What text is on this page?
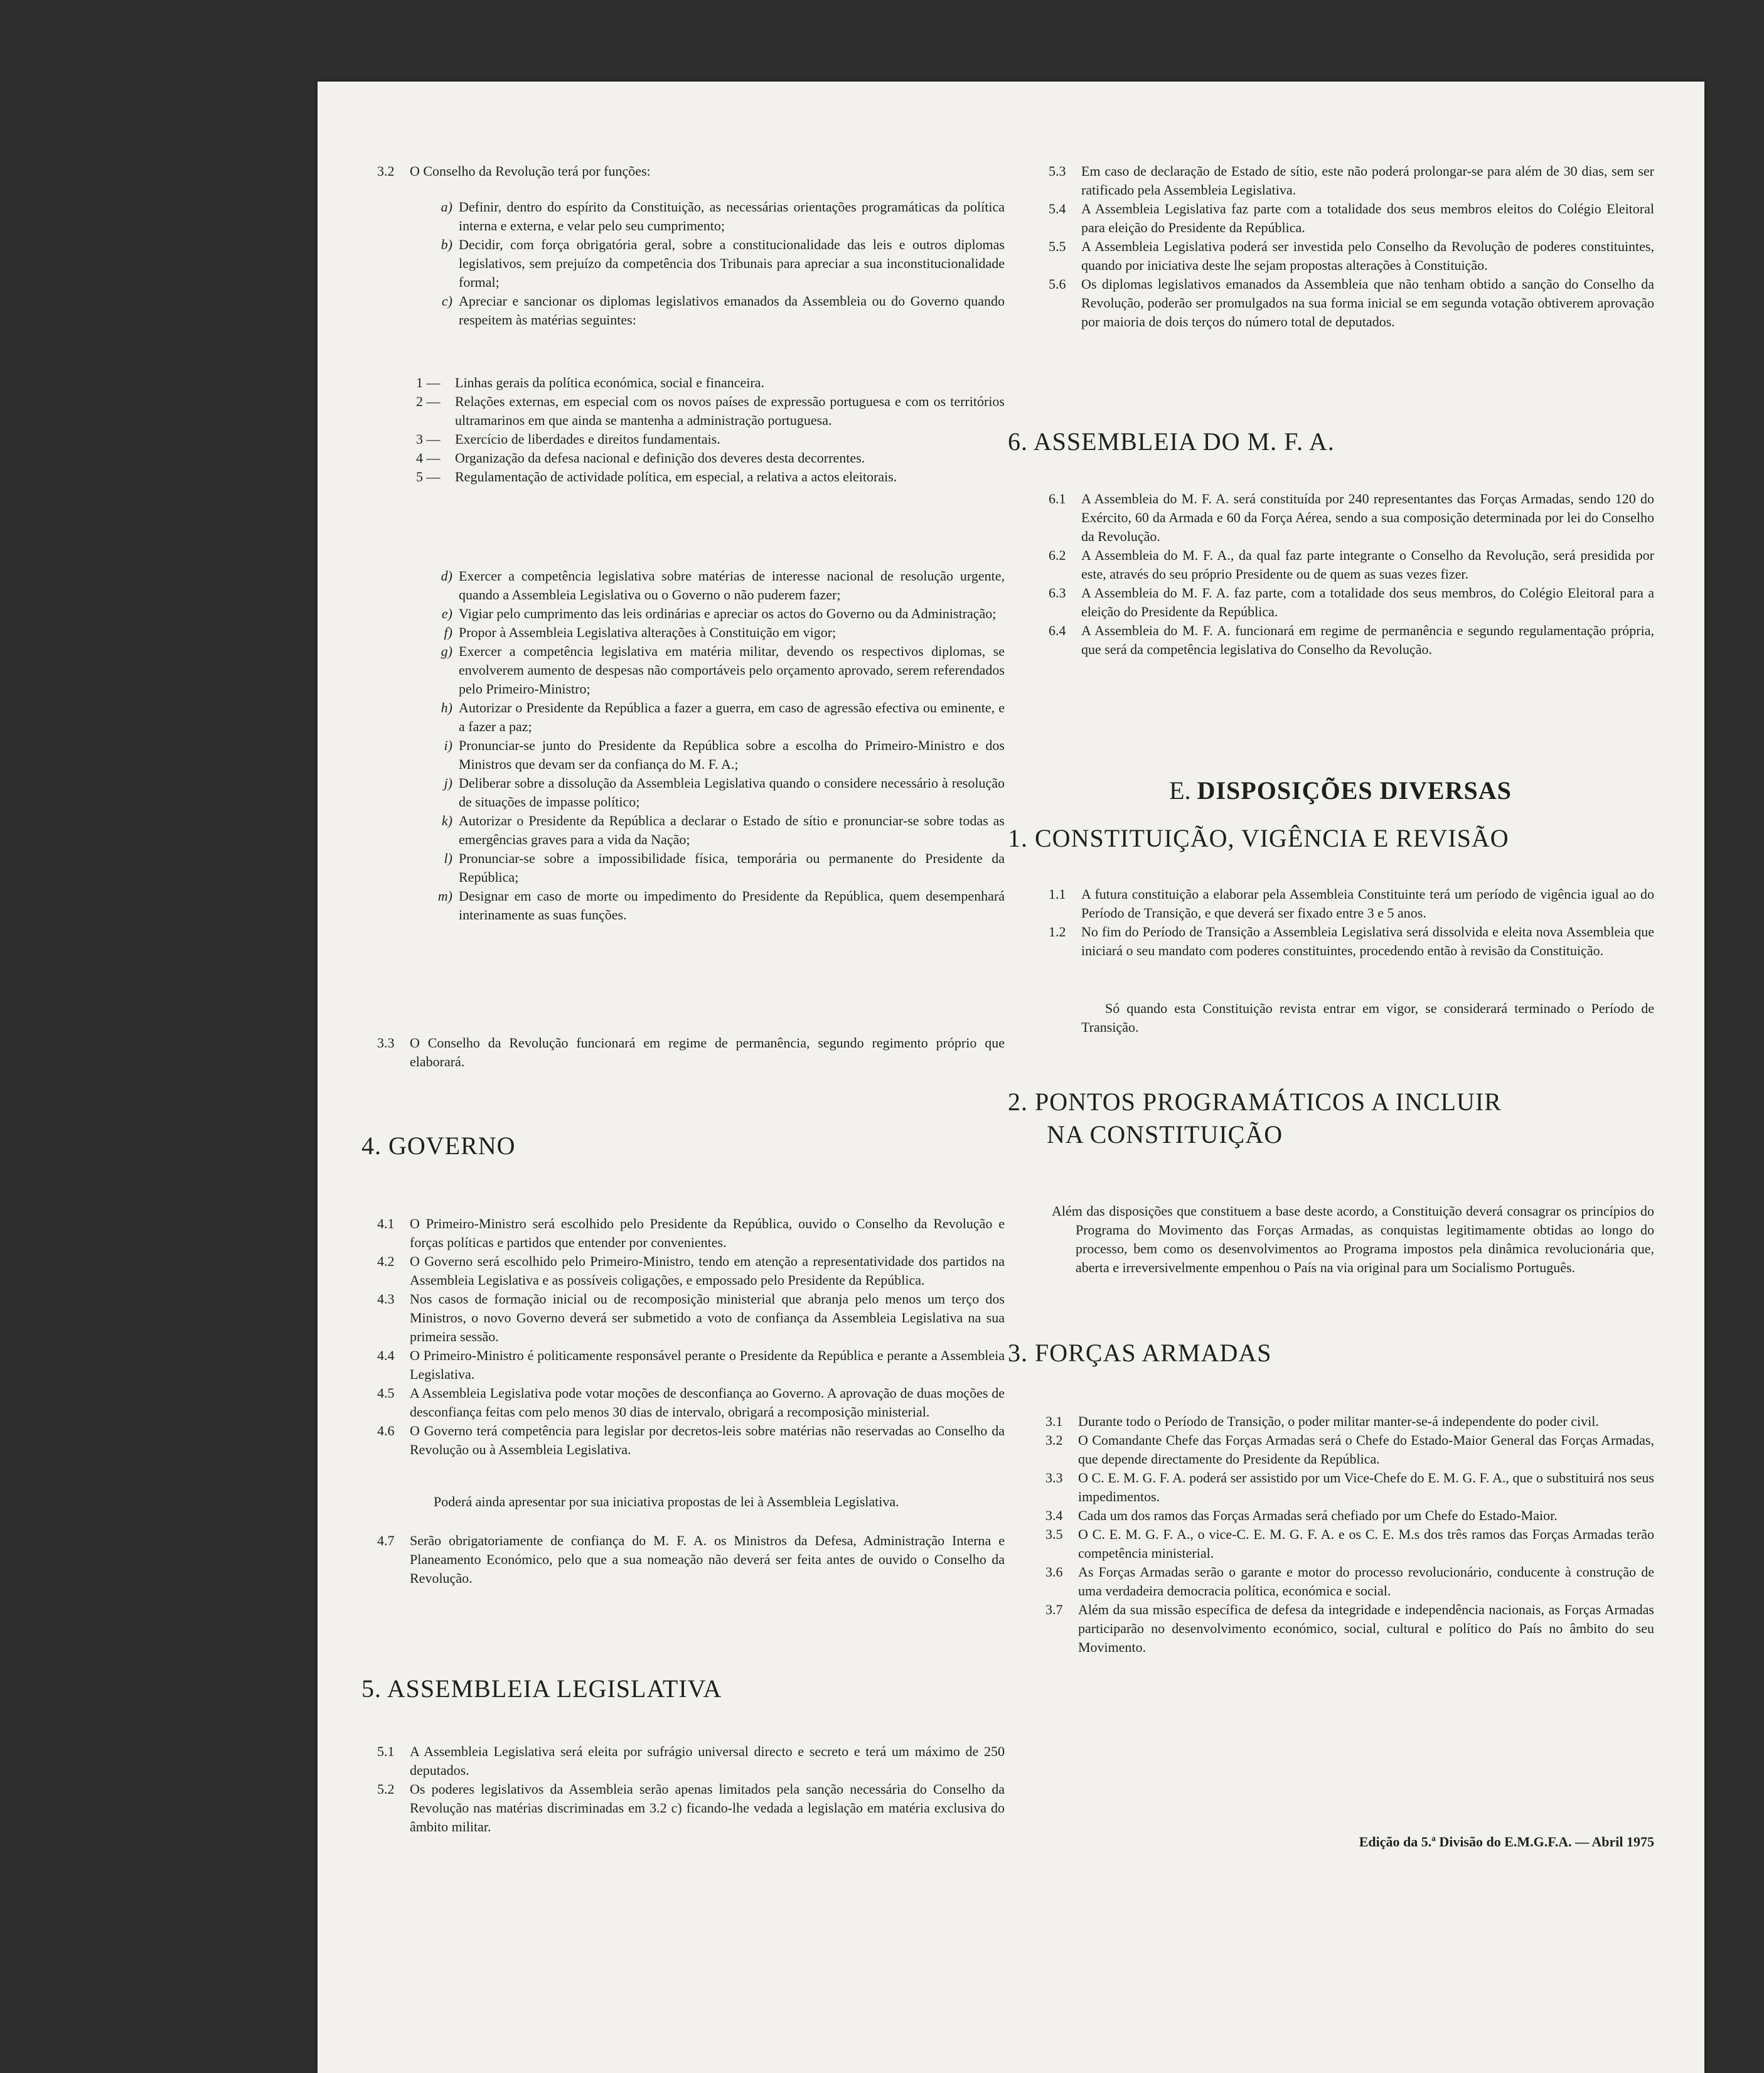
3.2	O Conselho da Revolução terá por funções:
a) Definir, dentro do espírito da Constituição, as necessárias orientações programáticas da política interna e externa, e velar pelo seu cumprimento;
b) Decidir, com força obrigatória geral, sobre a constitucionalidade das leis e outros diplomas legislativos, sem prejuízo da competência dos Tribunais para apreciar a sua inconstitucionalidade formal;
c) Apreciar e sancionar os diplomas legislativos emanados da Assembleia ou do Governo quando respeitem às matérias seguintes:
1 —	Linhas gerais da política económica, social e financeira.
2 —	Relações externas, em especial com os novos países de expressão portuguesa e com os territórios ultramarinos em que ainda se mantenha a administração portuguesa.
3 —	Exercício de liberdades e direitos fundamentais.
4 —	Organização da defesa nacional e definição dos deveres desta decorrentes.
5 —	Regulamentação de actividade política, em especial, a relativa a actos eleitorais.
d) Exercer a competência legislativa sobre matérias de interesse nacional de resolução urgente, quando a Assembleia Legislativa ou o Governo o não puderem fazer;
e) Vigiar pelo cumprimento das leis ordinárias e apreciar os actos do Governo ou da Administração;
f) Propor à Assembleia Legislativa alterações à Constituição em vigor;
g) Exercer a competência legislativa em matéria militar, devendo os respectivos diplomas, se envolverem aumento de despesas não comportáveis pelo orçamento aprovado, serem referendados pelo Primeiro-Ministro;
h) Autorizar o Presidente da República a fazer a guerra, em caso de agressão efectiva ou eminente, e a fazer a paz;
i) Pronunciar-se junto do Presidente da República sobre a escolha do Primeiro-Ministro e dos Ministros que devam ser da confiança do M. F. A.;
j) Deliberar sobre a dissolução da Assembleia Legislativa quando o considere necessário à resolução de situações de impasse político;
k) Autorizar o Presidente da República a declarar o Estado de sítio e pronunciar-se sobre todas as emergências graves para a vida da Nação;
l) Pronunciar-se sobre a impossibilidade física, temporária ou permanente do Presidente da República;
m) Designar em caso de morte ou impedimento do Presidente da República, quem desempenhará interinamente as suas funções.
3.3	O Conselho da Revolução funcionará em regime de permanência, segundo regimento próprio que elaborará.
4. GOVERNO
4.1	O Primeiro-Ministro será escolhido pelo Presidente da República, ouvido o Conselho da Revolução e forças políticas e partidos que entender por convenientes.
4.2	O Governo será escolhido pelo Primeiro-Ministro, tendo em atenção a representatividade dos partidos na Assembleia Legislativa e as possíveis coligações, e empossado pelo Presidente da República.
4.3	Nos casos de formação inicial ou de recomposição ministerial que abranja pelo menos um terço dos Ministros, o novo Governo deverá ser submetido a voto de confiança da Assembleia Legislativa na sua primeira sessão.
4.4	O Primeiro-Ministro é politicamente responsável perante o Presidente da República e perante a Assembleia Legislativa.
4.5	A Assembleia Legislativa pode votar moções de desconfiança ao Governo. A aprovação de duas moções de desconfiança feitas com pelo menos 30 dias de intervalo, obrigará a recomposição ministerial.
4.6	O Governo terá competência para legislar por decretos-leis sobre matérias não reservadas ao Conselho da Revolução ou à Assembleia Legislativa.
Poderá ainda apresentar por sua iniciativa propostas de lei à Assembleia Legislativa.
4.7	Serão obrigatoriamente de confiança do M. F. A. os Ministros da Defesa, Administração Interna e Planeamento Económico, pelo que a sua nomeação não deverá ser feita antes de ouvido o Conselho da Revolução.
5. ASSEMBLEIA LEGISLATIVA
5.1	A Assembleia Legislativa será eleita por sufrágio universal directo e secreto e terá um máximo de 250 deputados.
5.2	Os poderes legislativos da Assembleia serão apenas limitados pela sanção necessária do Conselho da Revolução nas matérias discriminadas em 3.2 c) ficando-lhe vedada a legislação em matéria exclusiva do âmbito militar.
5.3	Em caso de declaração de Estado de sítio, este não poderá prolongar-se para além de 30 dias, sem ser ratificado pela Assembleia Legislativa.
5.4	A Assembleia Legislativa faz parte com a totalidade dos seus membros eleitos do Colégio Eleitoral para eleição do Presidente da República.
5.5	A Assembleia Legislativa poderá ser investida pelo Conselho da Revolução de poderes constituintes, quando por iniciativa deste lhe sejam propostas alterações à Constituição.
5.6	Os diplomas legislativos emanados da Assembleia que não tenham obtido a sanção do Conselho da Revolução, poderão ser promulgados na sua forma inicial se em segunda votação obtiverem aprovação por maioria de dois terços do número total de deputados.
6. ASSEMBLEIA DO M. F. A.
6.1	A Assembleia do M. F. A. será constituída por 240 representantes das Forças Armadas, sendo 120 do Exército, 60 da Armada e 60 da Força Aérea, sendo a sua composição determinada por lei do Conselho da Revolução.
6.2	A Assembleia do M. F. A., da qual faz parte integrante o Conselho da Revolução, será presidida por este, através do seu próprio Presidente ou de quem as suas vezes fizer.
6.3	A Assembleia do M. F. A. faz parte, com a totalidade dos seus membros, do Colégio Eleitoral para a eleição do Presidente da República.
6.4	A Assembleia do M. F. A. funcionará em regime de permanência e segundo regulamentação própria, que será da competência legislativa do Conselho da Revolução.

E. DISPOSIÇÕES DIVERSAS

1. CONSTITUIÇÃO, VIGÊNCIA E REVISÃO
1.1	A futura constituição a elaborar pela Assembleia Constituinte terá um período de vigência igual ao do Período de Transição, e que deverá ser fixado entre 3 e 5 anos.
1.2	No fim do Período de Transição a Assembleia Legislativa será dissolvida e eleita nova Assembleia que iniciará o seu mandato com poderes constituintes, procedendo então à revisão da Constituição.
Só quando esta Constituição revista entrar em vigor, se considerará terminado o Período de Transição.
2. PONTOS PROGRAMÁTICOS A INCLUIR
NA CONSTITUIÇÃO

Além das disposições que constituem a base deste acordo, a Constituição deverá consagrar os princípios do Programa do Movimento das Forças Armadas, as conquistas legitimamente obtidas ao longo do processo, bem como os desenvolvimentos ao Programa impostos pela dinâmica revolucionária que, aberta e irreversivelmente empenhou o País na via original para um Socialismo Português.

3. FORÇAS ARMADAS
3.1	Durante todo o Período de Transição, o poder militar manter-se-á independente do poder civil.
3.2	O Comandante Chefe das Forças Armadas será o Chefe do Estado-Maior General das Forças Armadas, que depende directamente do Presidente da República.
3.3	O C. E. M. G. F. A. poderá ser assistido por um Vice-Chefe do E. M. G. F. A., que o substituirá nos seus impedimentos.
3.4	Cada um dos ramos das Forças Armadas será chefiado por um Chefe do Estado-Maior.
3.5	O C. E. M. G. F. A., o vice-C. E. M. G. F. A. e os C. E. M.s dos três ramos das Forças Armadas terão competência ministerial.
3.6	As Forças Armadas serão o garante e motor do processo revolucionário, conducente à construção de uma verdadeira democracia política, económica e social.
3.7	Além da sua missão específica de defesa da integridade e independência nacionais, as Forças Armadas participarão no desenvolvimento económico, social, cultural e político do País no âmbito do seu Movimento.

Edição da 5.ª Divisão do E.M.G.F.A. — Abril 1975
